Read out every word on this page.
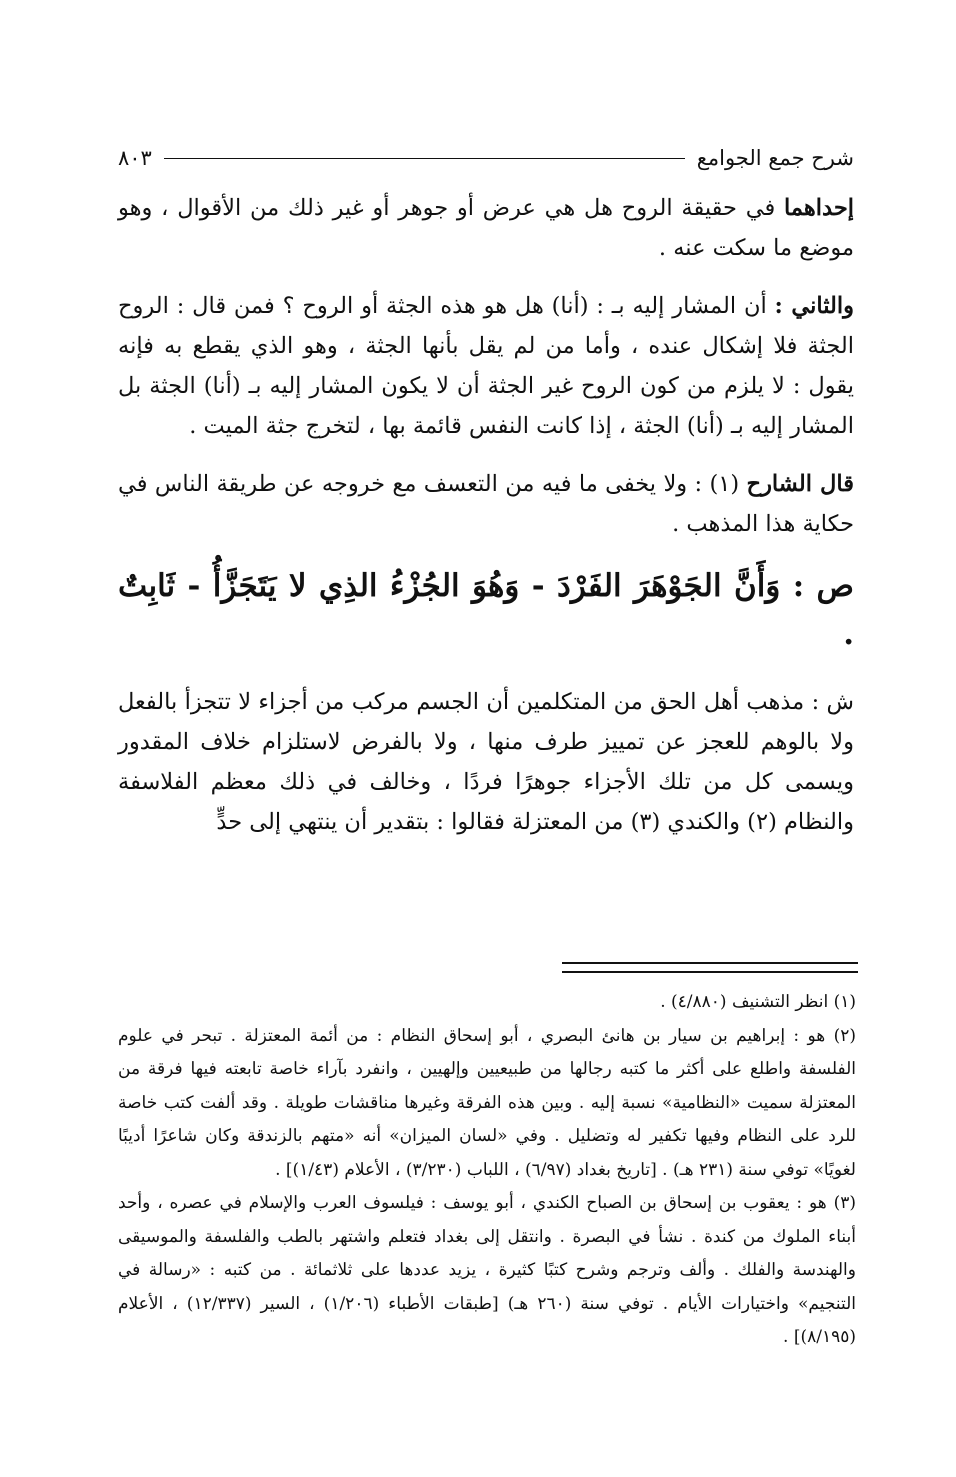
شرح جمع الجوامع
٨٠٣

إحداهما في حقيقة الروح هل هي عرض أو جوهر أو غير ذلك من الأقوال ، وهو موضع ما سكت عنه .

والثاني : أن المشار إليه بـ : (أنا) هل هو هذه الجثة أو الروح ؟ فمن قال : الروح الجثة فلا إشكال عنده ، وأما من لم يقل بأنها الجثة ، وهو الذي يقطع به فإنه يقول : لا يلزم من كون الروح غير الجثة أن لا يكون المشار إليه بـ (أنا) الجثة بل المشار إليه بـ (أنا) الجثة ، إذا كانت النفس قائمة بها ، لتخرج جثة الميت .

قال الشارح (١) : ولا يخفى ما فيه من التعسف مع خروجه عن طريقة الناس في حكاية هذا المذهب .

ص : وَأَنَّ الجَوْهَرَ الفَرْدَ - وَهُوَ الجُزْءُ الذِي لا يَتَجَزَّأُ - ثَابِتٌ .

ش : مذهب أهل الحق من المتكلمين أن الجسم مركب من أجزاء لا تتجزأ بالفعل ولا بالوهم للعجز عن تمييز طرف منها ، ولا بالفرض لاستلزام خلاف المقدور ويسمى كل من تلك الأجزاء جوهرًا فردًا ، وخالف في ذلك معظم الفلاسفة والنظام (٢) والكندي (٣) من المعتزلة فقالوا : بتقدير أن ينتهي إلى حدٍّ

(١) انظر التشنيف (٤/٨٨٠) .

(٢) هو : إبراهيم بن سيار بن هانئ البصري ، أبو إسحاق النظام : من أئمة المعتزلة . تبحر في علوم الفلسفة واطلع على أكثر ما كتبه رجالها من طبيعيين وإلهيين ، وانفرد بآراء خاصة تابعته فيها فرقة من المعتزلة سميت «النظامية» نسبة إليه . وبين هذه الفرقة وغيرها مناقشات طويلة . وقد ألفت كتب خاصة للرد على النظام وفيها تكفير له وتضليل . وفي «لسان الميزان» أنه «متهم بالزندقة وكان شاعرًا أديبًا لغويًا» توفي سنة (٢٣١ هـ) . [تاريخ بغداد (٦/٩٧) ، اللباب (٣/٢٣٠) ، الأعلام (١/٤٣)] .

(٣) هو : يعقوب بن إسحاق بن الصباح الكندي ، أبو يوسف : فيلسوف العرب والإسلام في عصره ، وأحد أبناء الملوك من كندة . نشأ في البصرة . وانتقل إلى بغداد فتعلم واشتهر بالطب والفلسفة والموسيقى والهندسة والفلك . وألف وترجم وشرح كتبًا كثيرة ، يزيد عددها على ثلاثمائة . من كتبه : «رسالة في التنجيم» واختيارات الأيام . توفي سنة (٢٦٠ هـ) [طبقات الأطباء (١/٢٠٦) ، السير (١٢/٣٣٧) ، الأعلام (٨/١٩٥)] .
